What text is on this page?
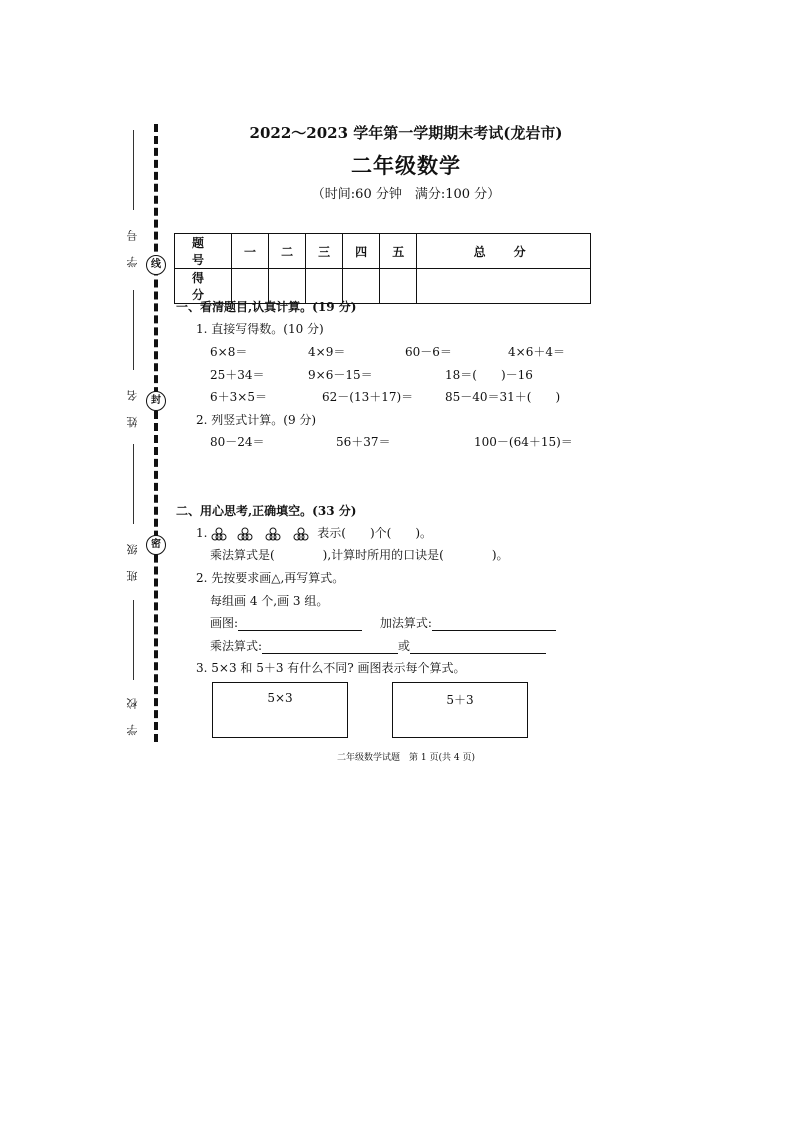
学 号
姓 名
班 级
学 校
线
封
密
2022～2023 学年第一学期期末考试(龙岩市)
二年级数学
（时间:60 分钟　满分:100 分）
题　号	一	二	三	四	五	总　分
得　分						
一、看清题目,认真计算。(19 分)
1. 直接写得数。(10 分)
6×8＝	4×9＝	60－6＝	4×6＋4＝
25＋34＝	9×6－15＝	18＝(　　)－16
6＋3×5＝	62－(13＋17)＝	85－40＝31＋(　　)
2. 列竖式计算。(9 分)
80－24＝	56＋37＝	100－(64＋15)＝
二、用心思考,正确填空。(33 分)
1.	表示(　　)个(　　)。
乘法算式是(　　　　),计算时所用的口诀是(　　　　)。
2. 先按要求画△,再写算式。
每组画 4 个,画 3 组。
画图:	加法算式:
乘法算式:	或
3. 5×3 和 5＋3 有什么不同? 画图表示每个算式。
5×3	5＋3
二年级数学试题　第 1 页(共 4 页)
